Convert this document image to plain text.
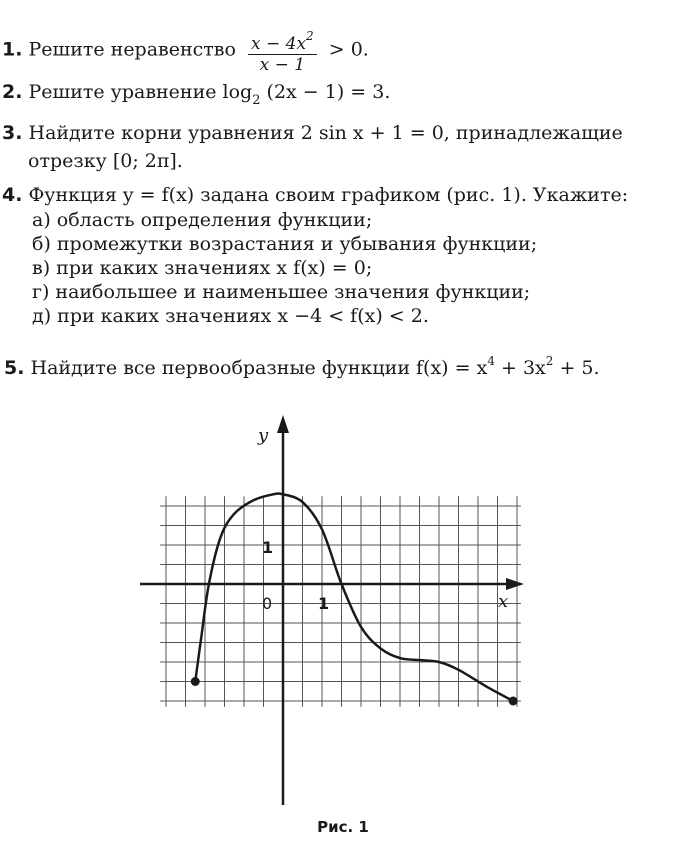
1. Решите неравенство $\frac{x - 4x^2}{x - 1} > 0$.
2. Решите уравнение $\log_2 (2x - 1) = 3$.
3. Найдите корни уравнения 2 sin x + 1 = 0, принадлежащие
отрезку [0; 2π].
4. Функция y = f(x) задана своим графиком (рис. 1). Укажите:
а) область определения функции;
б) промежутки возрастания и убывания функции;
в) при каких значениях x f(x) = 0;
г) наибольшее и наименьшее значения функции;
д) при каких значениях x −4 < f(x) < 2.
5. Найдите все первообразные функции $f(x) = x^4 + 3x^2 + 5$.
y
x
0	1
1
Рис. 1
